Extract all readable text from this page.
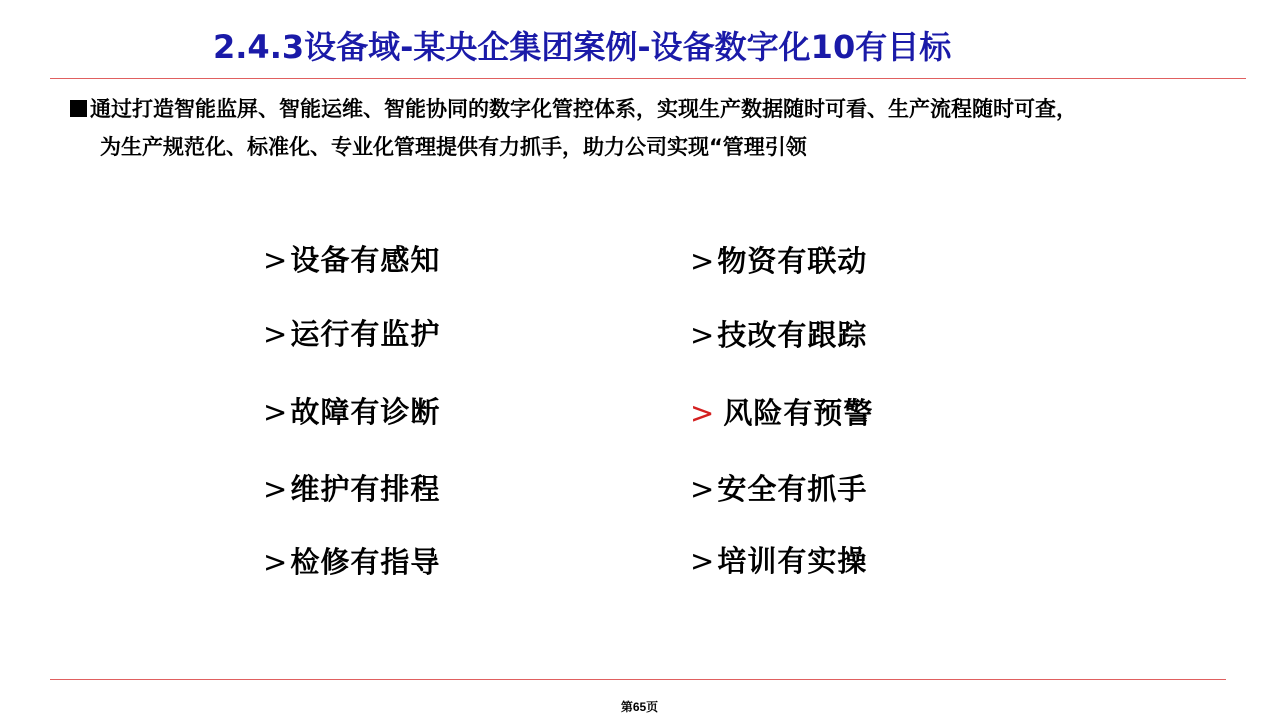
2.4.3设备域-某央企集团案例-设备数字化10有目标
通过打造智能监屏、智能运维、智能协同的数字化管控体系，实现生产数据随时可看、生产流程随时可查，
为生产规范化、标准化、专业化管理提供有力抓手，助力公司实现“管理引领
>设备有感知
>运行有监护
>故障有诊断
>维护有排程
>检修有指导
>物资有联动
>技改有跟踪
> 风险有预警
>安全有抓手
>培训有实操
第65页
